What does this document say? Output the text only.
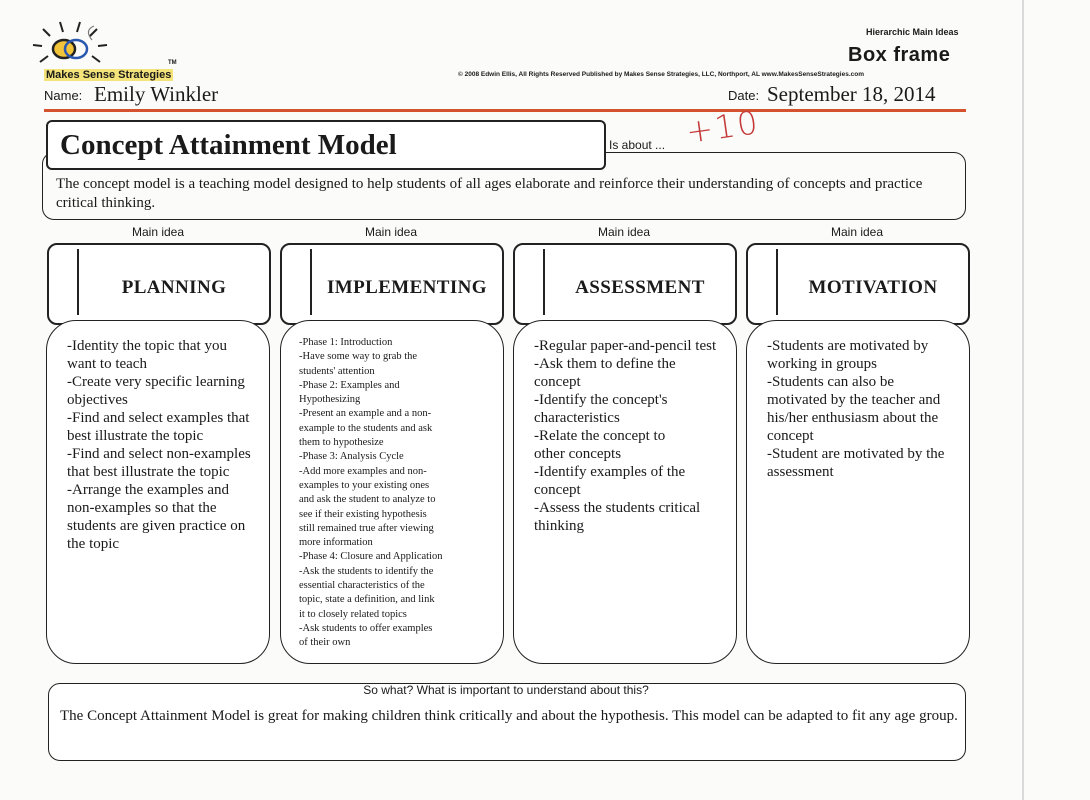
TM
Makes Sense Strategies
Name: Emily Winkler
Hierarchic Main Ideas
Box frame
© 2008 Edwin Ellis, All Rights Reserved Published by Makes Sense Strategies, LLC, Northport, AL www.MakesSenseStrategies.com
Date: September 18, 2014
Concept Attainment Model	Is about ... +10
The concept model is a teaching model designed to help students of all ages elaborate and reinforce their understanding of concepts and practice critical thinking.
Main idea
PLANNING
-Identity the topic that you want to teach
-Create very specific learning objectives
-Find and select examples that best illustrate the topic
-Find and select non-examples that best illustrate the topic
-Arrange the examples and non-examples so that the students are given practice on the topic
Main idea
IMPLEMENTING
-Phase 1: Introduction
-Have some way to grab the
students' attention
-Phase 2: Examples and
Hypothesizing
-Present an example and a non-
example to the students and ask
them to hypothesize
-Phase 3: Analysis Cycle
-Add more examples and non-
examples to your existing ones
and ask the student to analyze to
see if their existing hypothesis
still remained true after viewing
more information
-Phase 4: Closure and Application
-Ask the students to identify the
essential characteristics of the
topic, state a definition, and link
it to closely related topics
-Ask students to offer examples
of their own
Main idea
ASSESSMENT
-Regular paper-and-pencil test
-Ask them to define the
concept
-Identify the concept's
characteristics
-Relate the concept to
other concepts
-Identify examples of the
concept
-Assess the students critical thinking
Main idea
MOTIVATION
-Students are motivated by working in groups
-Students can also be motivated by the teacher and his/her enthusiasm about the concept
-Student are motivated by the assessment
So what? What is important to understand about this?
The Concept Attainment Model is great for making children think critically and about the hypothesis. This model can be adapted to fit any age group.
